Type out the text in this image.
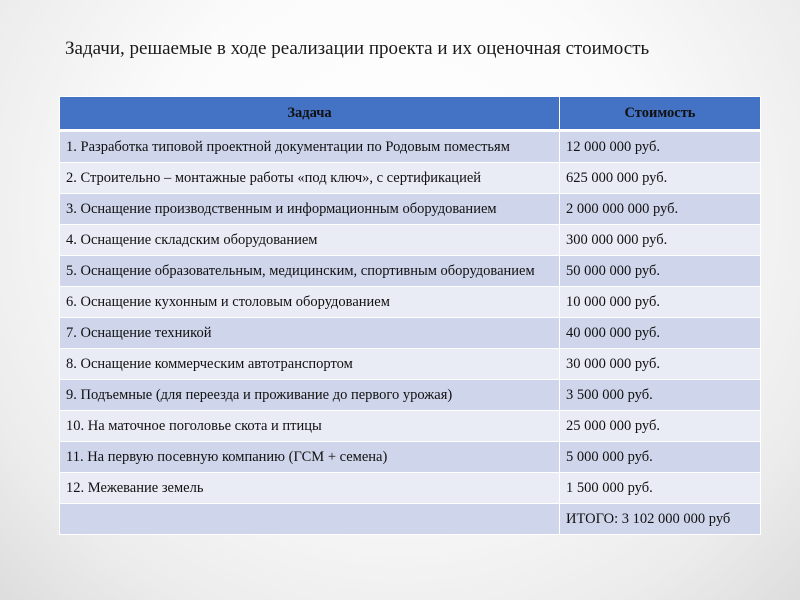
Задачи, решаемые в ходе реализации проекта и их оценочная стоимость
Задача	Стоимость
1. Разработка типовой проектной документации по Родовым поместьям	12 000 000 руб.
2. Строительно – монтажные работы «под ключ», с сертификацией	625 000 000 руб.
3. Оснащение производственным и информационным оборудованием	2 000 000 000 руб.
4. Оснащение складским оборудованием	300 000 000 руб.
5. Оснащение образовательным, медицинским, спортивным оборудованием	50 000 000 руб.
6. Оснащение кухонным и столовым оборудованием	10 000 000 руб.
7. Оснащение техникой	40 000 000 руб.
8. Оснащение коммерческим автотранспортом	30 000 000 руб.
9. Подъемные (для переезда и проживание до первого урожая)	3 500 000 руб.
10. На маточное поголовье скота и птицы	25 000 000 руб.
11. На первую посевную компанию (ГСМ + семена)	5 000 000 руб.
12. Межевание земель	1 500 000 руб.
	ИТОГО: 3 102 000 000 руб
